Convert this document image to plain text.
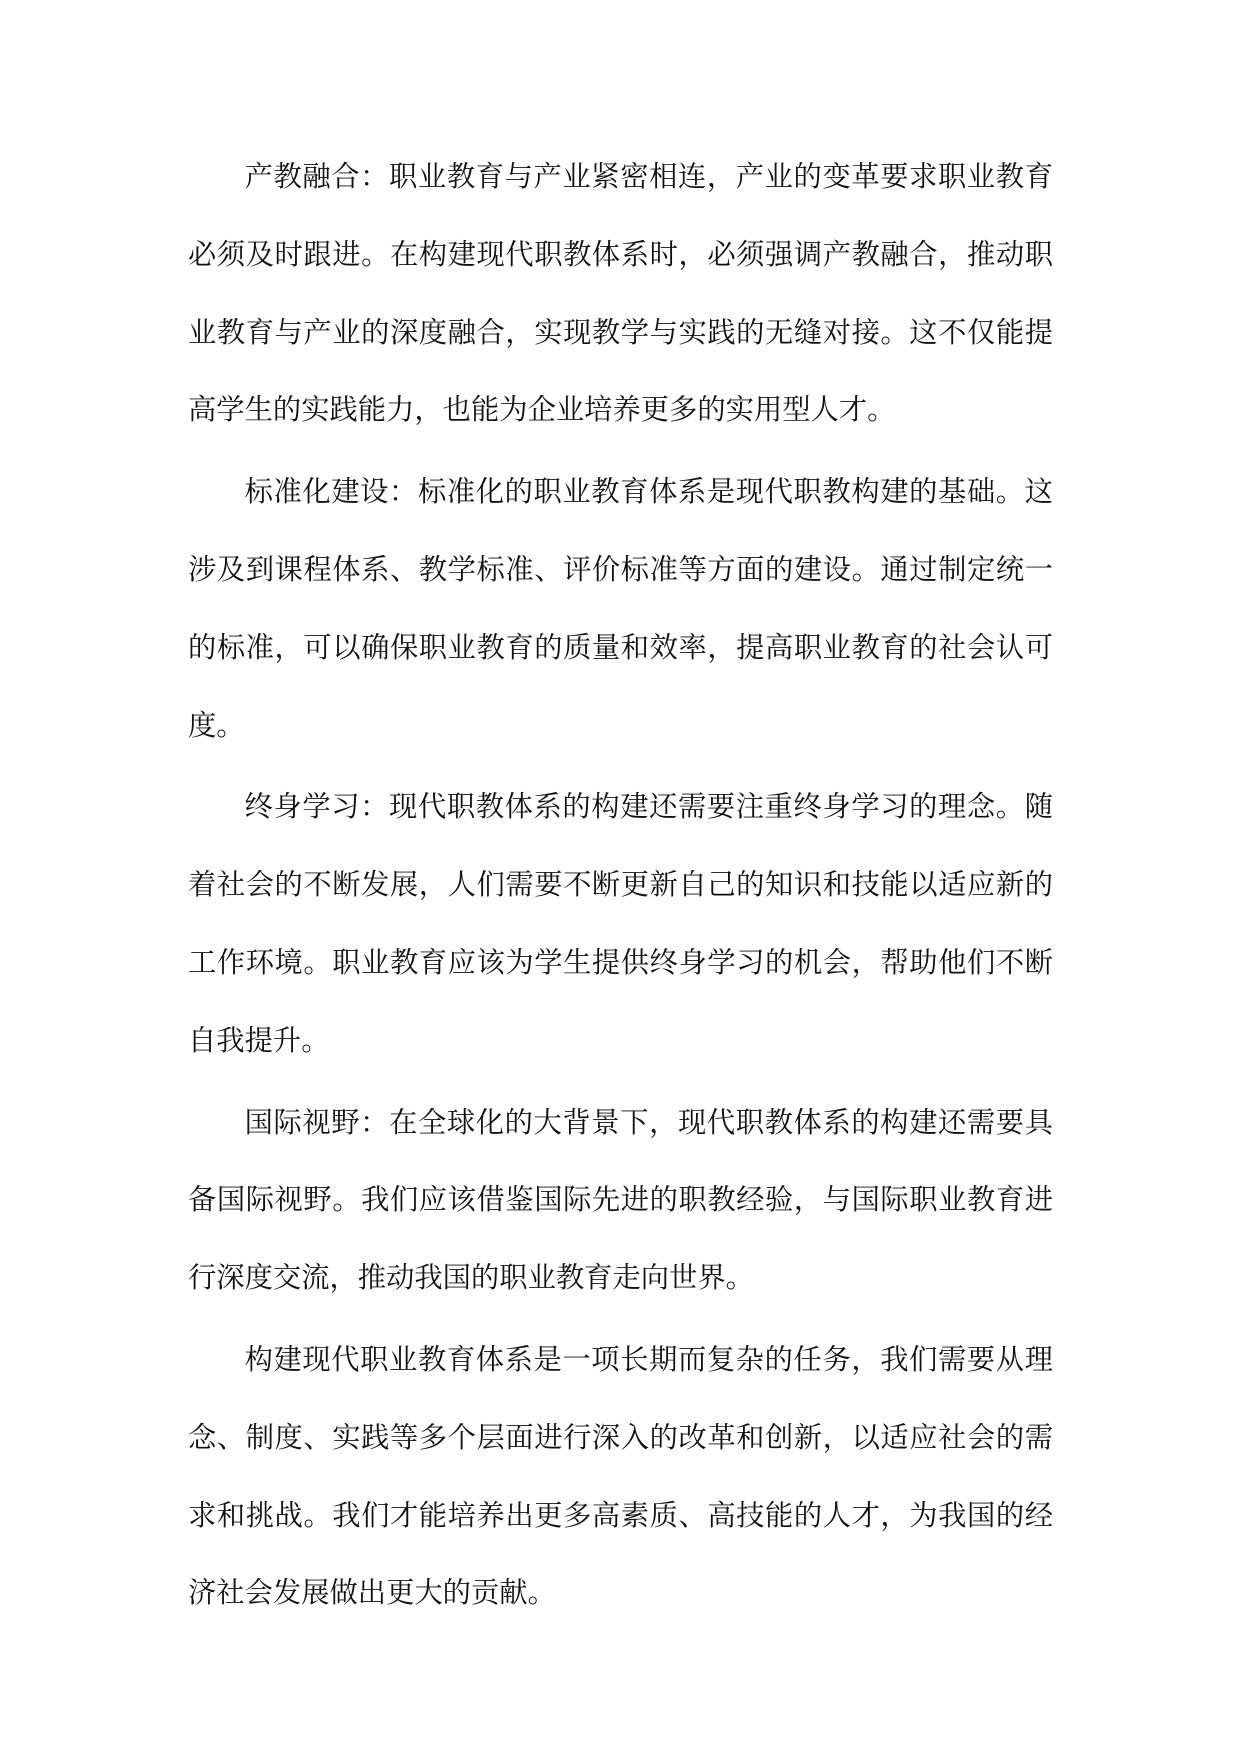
产教融合：职业教育与产业紧密相连，产业的变革要求职业教育必须及时跟进。在构建现代职教体系时，必须强调产教融合，推动职业教育与产业的深度融合，实现教学与实践的无缝对接。这不仅能提高学生的实践能力，也能为企业培养更多的实用型人才。

标准化建设：标准化的职业教育体系是现代职教构建的基础。这涉及到课程体系、教学标准、评价标准等方面的建设。通过制定统一的标准，可以确保职业教育的质量和效率，提高职业教育的社会认可度。

终身学习：现代职教体系的构建还需要注重终身学习的理念。随着社会的不断发展，人们需要不断更新自己的知识和技能以适应新的工作环境。职业教育应该为学生提供终身学习的机会，帮助他们不断自我提升。

国际视野：在全球化的大背景下，现代职教体系的构建还需要具备国际视野。我们应该借鉴国际先进的职教经验，与国际职业教育进行深度交流，推动我国的职业教育走向世界。

构建现代职业教育体系是一项长期而复杂的任务，我们需要从理念、制度、实践等多个层面进行深入的改革和创新，以适应社会的需求和挑战。我们才能培养出更多高素质、高技能的人才，为我国的经济社会发展做出更大的贡献。
